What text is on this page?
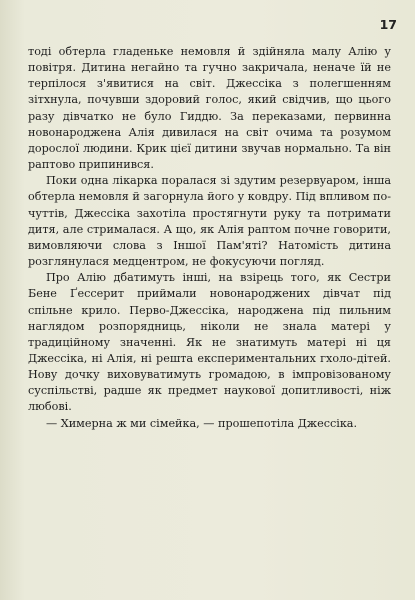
17

тоді обтерла гладеньке немовля й здійняла малу Алію у повітря. Дитина негайно та гучно закричала, неначе їй не терпілося з'явитися на світ. Джессіка з полегшенням зітхнула, почувши здоровий голос, який свідчив, що цього разу дівчатко не було Гиддю. За переказами, первинна новонароджена Алія дивилася на світ очима та розумом дорослої людини. Крик цієї дитини звучав нормально. Та він раптово припинився.

Поки одна лікарка поралася зі здутим резервуаром, інша обтерла немовля й загорнула його у ковдру. Під впливом почуттів, Джессіка захотіла простягнути руку та потримати дитя, але стрималася. А що, як Алія раптом почне говорити, вимовляючи слова з Іншої Пам'яті? Натомість дитина розглянулася медцентром, не фокусуючи погляд.

Про Алію дбатимуть інші, на взірець того, як Сестри Бене Ґессерит приймали новонароджених дівчат під спільне крило. Перво-Джессіка, народжена під пильним наглядом розпорядниць, ніколи не знала матері у традиційному значенні. Як не знатимуть матері ні ця Джессіка, ні Алія, ні решта експериментальних гхоло-дітей. Нову дочку виховуватимуть громадою, в імпровізованому суспільстві, радше як предмет наукової допитливості, ніж любові.

— Химерна ж ми сімейка, — прошепотіла Джессіка.
